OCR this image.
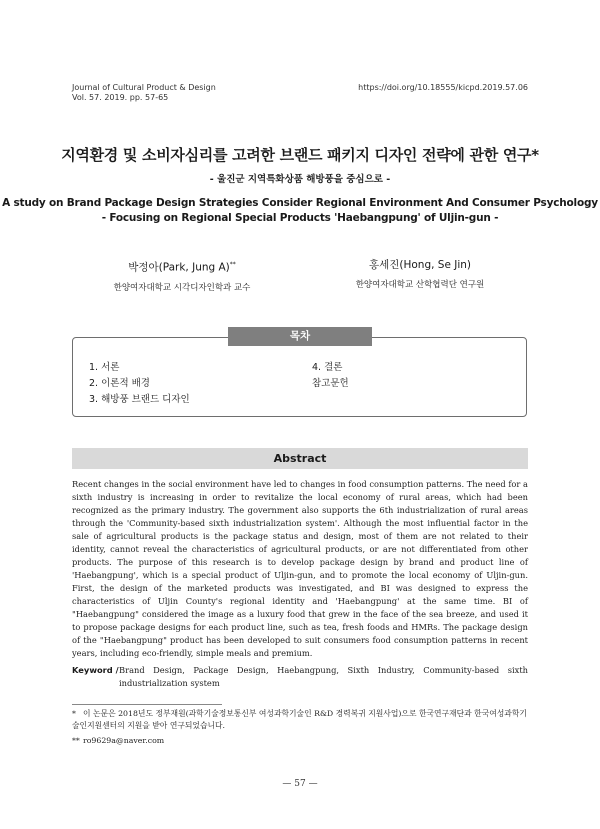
Journal of Cultural Product & Design
Vol. 57. 2019. pp. 57-65
https://doi.org/10.18555/kicpd.2019.57.06
지역환경 및 소비자심리를 고려한 브랜드 패키지 디자인 전략에 관한 연구*
- 울진군 지역특화상품 해방풍을 중심으로 -
A study on Brand Package Design Strategies Consider Regional Environment And Consumer Psychology
- Focusing on Regional Special Products 'Haebangpung' of Uljin-gun -
박정아(Park, Jung A)**
한양여자대학교 시각디자인학과 교수
홍세진(Hong, Se Jin)
한양여자대학교 산학협력단 연구원
목차
1. 서론
2. 이론적 배경
3. 해방풍 브랜드 디자인
4. 결론
참고문헌
Abstract
Recent changes in the social environment have led to changes in food consumption patterns. The need for a sixth industry is increasing in order to revitalize the local economy of rural areas, which had been recognized as the primary industry. The government also supports the 6th industrialization of rural areas through the 'Community-based sixth industrialization system'. Although the most influential factor in the sale of agricultural products is the package status and design, most of them are not related to their identity, cannot reveal the characteristics of agricultural products, or are not differentiated from other products. The purpose of this research is to develop package design by brand and product line of 'Haebangpung', which is a special product of Uljin-gun, and to promote the local economy of Uljin-gun. First, the design of the marketed products was investigated, and BI was designed to express the characteristics of Uljin County's regional identity and 'Haebangpung' at the same time. BI of "Haebangpung" considered the image as a luxury food that grew in the face of the sea breeze, and used it to propose package designs for each product line, such as tea, fresh foods and HMRs. The package design of the "Haebangpung" product has been developed to suit consumers food consumption patterns in recent years, including eco-friendly, simple meals and premium.
Keyword / Brand Design, Package Design, Haebangpung, Sixth Industry, Community-based sixth industrialization system
* 이 논문은 2018년도 정부재원(과학기술정보통신부 여성과학기술인 R&D 경력복귀 지원사업)으로 한국연구재단과 한국여성과학기술인지원센터의 지원을 받아 연구되었습니다.
** ro9629a@naver.com
— 57 —
